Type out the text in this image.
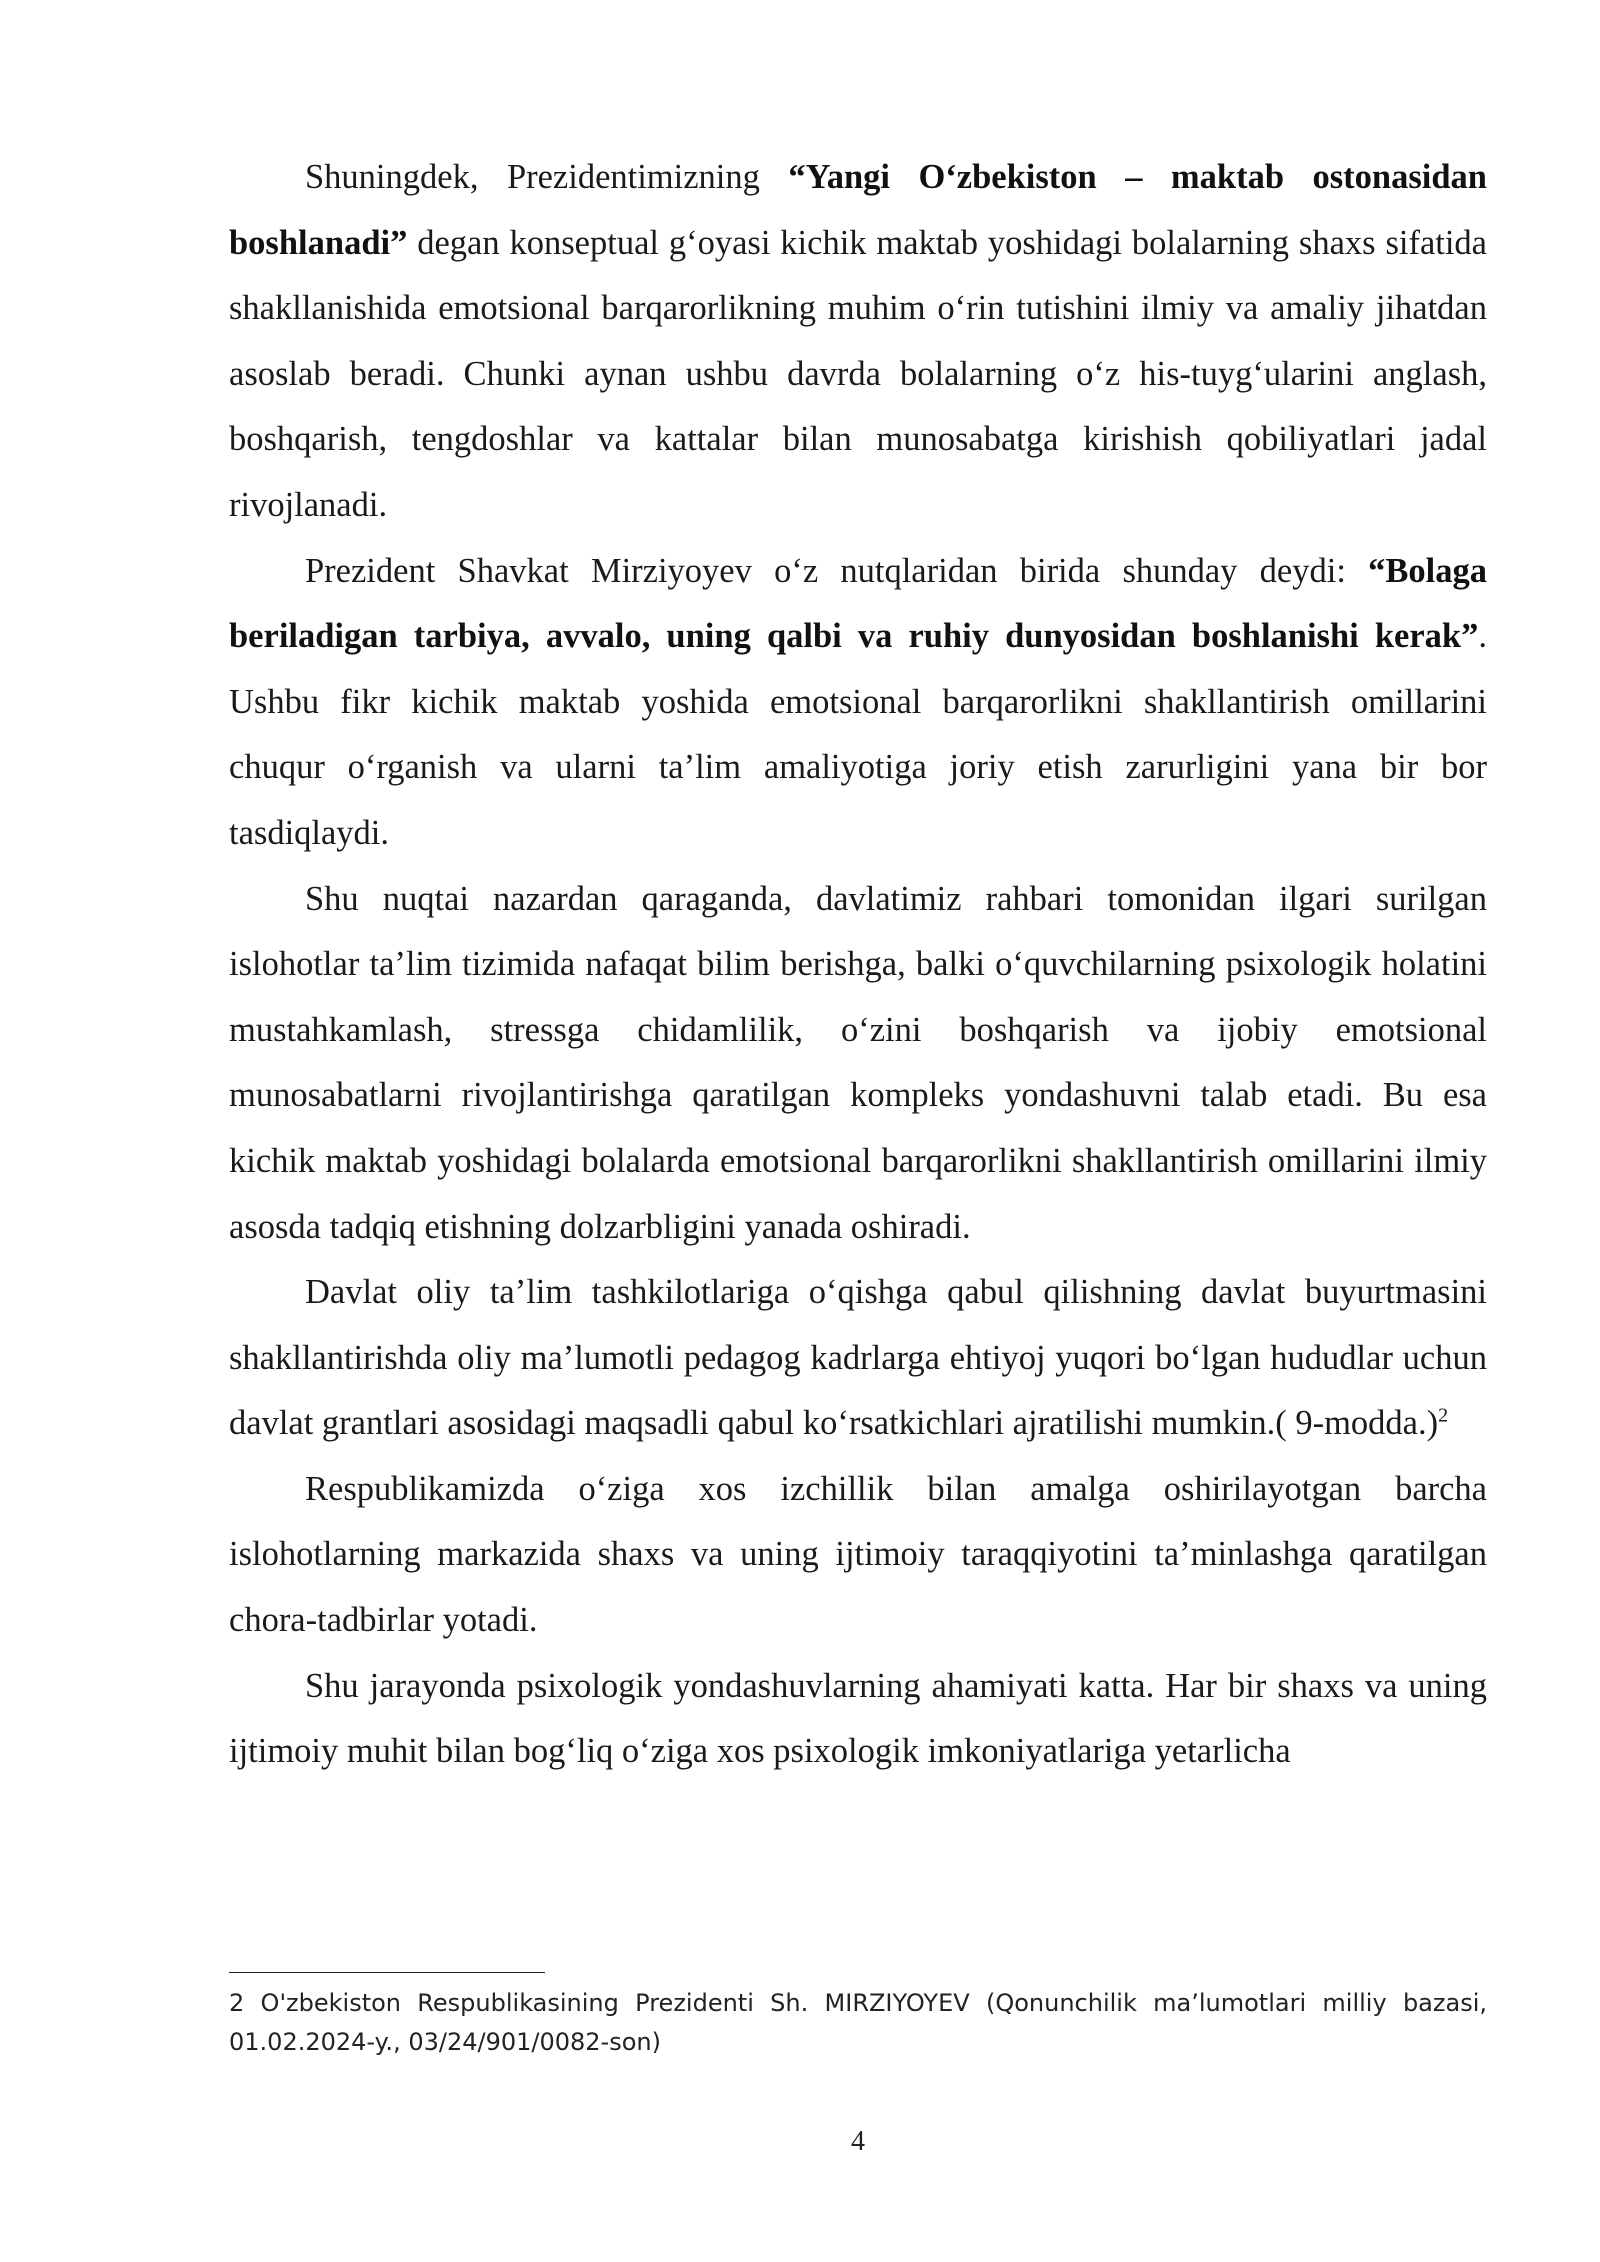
Shuningdek, Prezidentimizning “Yangi O‘zbekiston – maktab ostonasidan boshlanadi” degan konseptual g‘oyasi kichik maktab yoshidagi bolalarning shaxs sifatida shakllanishida emotsional barqarorlikning muhim o‘rin tutishini ilmiy va amaliy jihatdan asoslab beradi. Chunki aynan ushbu davrda bolalarning o‘z his-tuyg‘ularini anglash, boshqarish, tengdoshlar va kattalar bilan munosabatga kirishish qobiliyatlari jadal rivojlanadi.

Prezident Shavkat Mirziyoyev o‘z nutqlaridan birida shunday deydi: “Bolaga beriladigan tarbiya, avvalo, uning qalbi va ruhiy dunyosidan boshlanishi kerak”. Ushbu fikr kichik maktab yoshida emotsional barqarorlikni shakllantirish omillarini chuqur o‘rganish va ularni ta’lim amaliyotiga joriy etish zarurligini yana bir bor tasdiqlaydi.

Shu nuqtai nazardan qaraganda, davlatimiz rahbari tomonidan ilgari surilgan islohotlar ta’lim tizimida nafaqat bilim berishga, balki o‘quvchilarning psixologik holatini mustahkamlash, stressga chidamlilik, o‘zini boshqarish va ijobiy emotsional munosabatlarni rivojlantirishga qaratilgan kompleks yondashuvni talab etadi. Bu esa kichik maktab yoshidagi bolalarda emotsional barqarorlikni shakllantirish omillarini ilmiy asosda tadqiq etishning dolzarbligini yanada oshiradi.

Davlat oliy ta’lim tashkilotlariga o‘qishga qabul qilishning davlat buyurtmasini shakllantirishda oliy ma’lumotli pedagog kadrlarga ehtiyoj yuqori bo‘lgan hududlar uchun davlat grantlari asosidagi maqsadli qabul ko‘rsatkichlari ajratilishi mumkin.( 9-modda.)$^2$

Respublikamizda o‘ziga xos izchillik bilan amalga oshirilayotgan barcha islohotlarning markazida shaxs va uning ijtimoiy taraqqiyotini ta’minlashga qaratilgan chora-tadbirlar yotadi.

Shu jarayonda psixologik yondashuvlarning ahamiyati katta. Har bir shaxs va uning ijtimoiy muhit bilan bog‘liq o‘ziga xos psixologik imkoniyatlariga yetarlicha

2 O'zbekiston Respublikasining Prezidenti Sh. MIRZIYOYEV (Qonunchilik ma’lumotlari milliy bazasi, 01.02.2024-y., 03/24/901/0082-son)
4
